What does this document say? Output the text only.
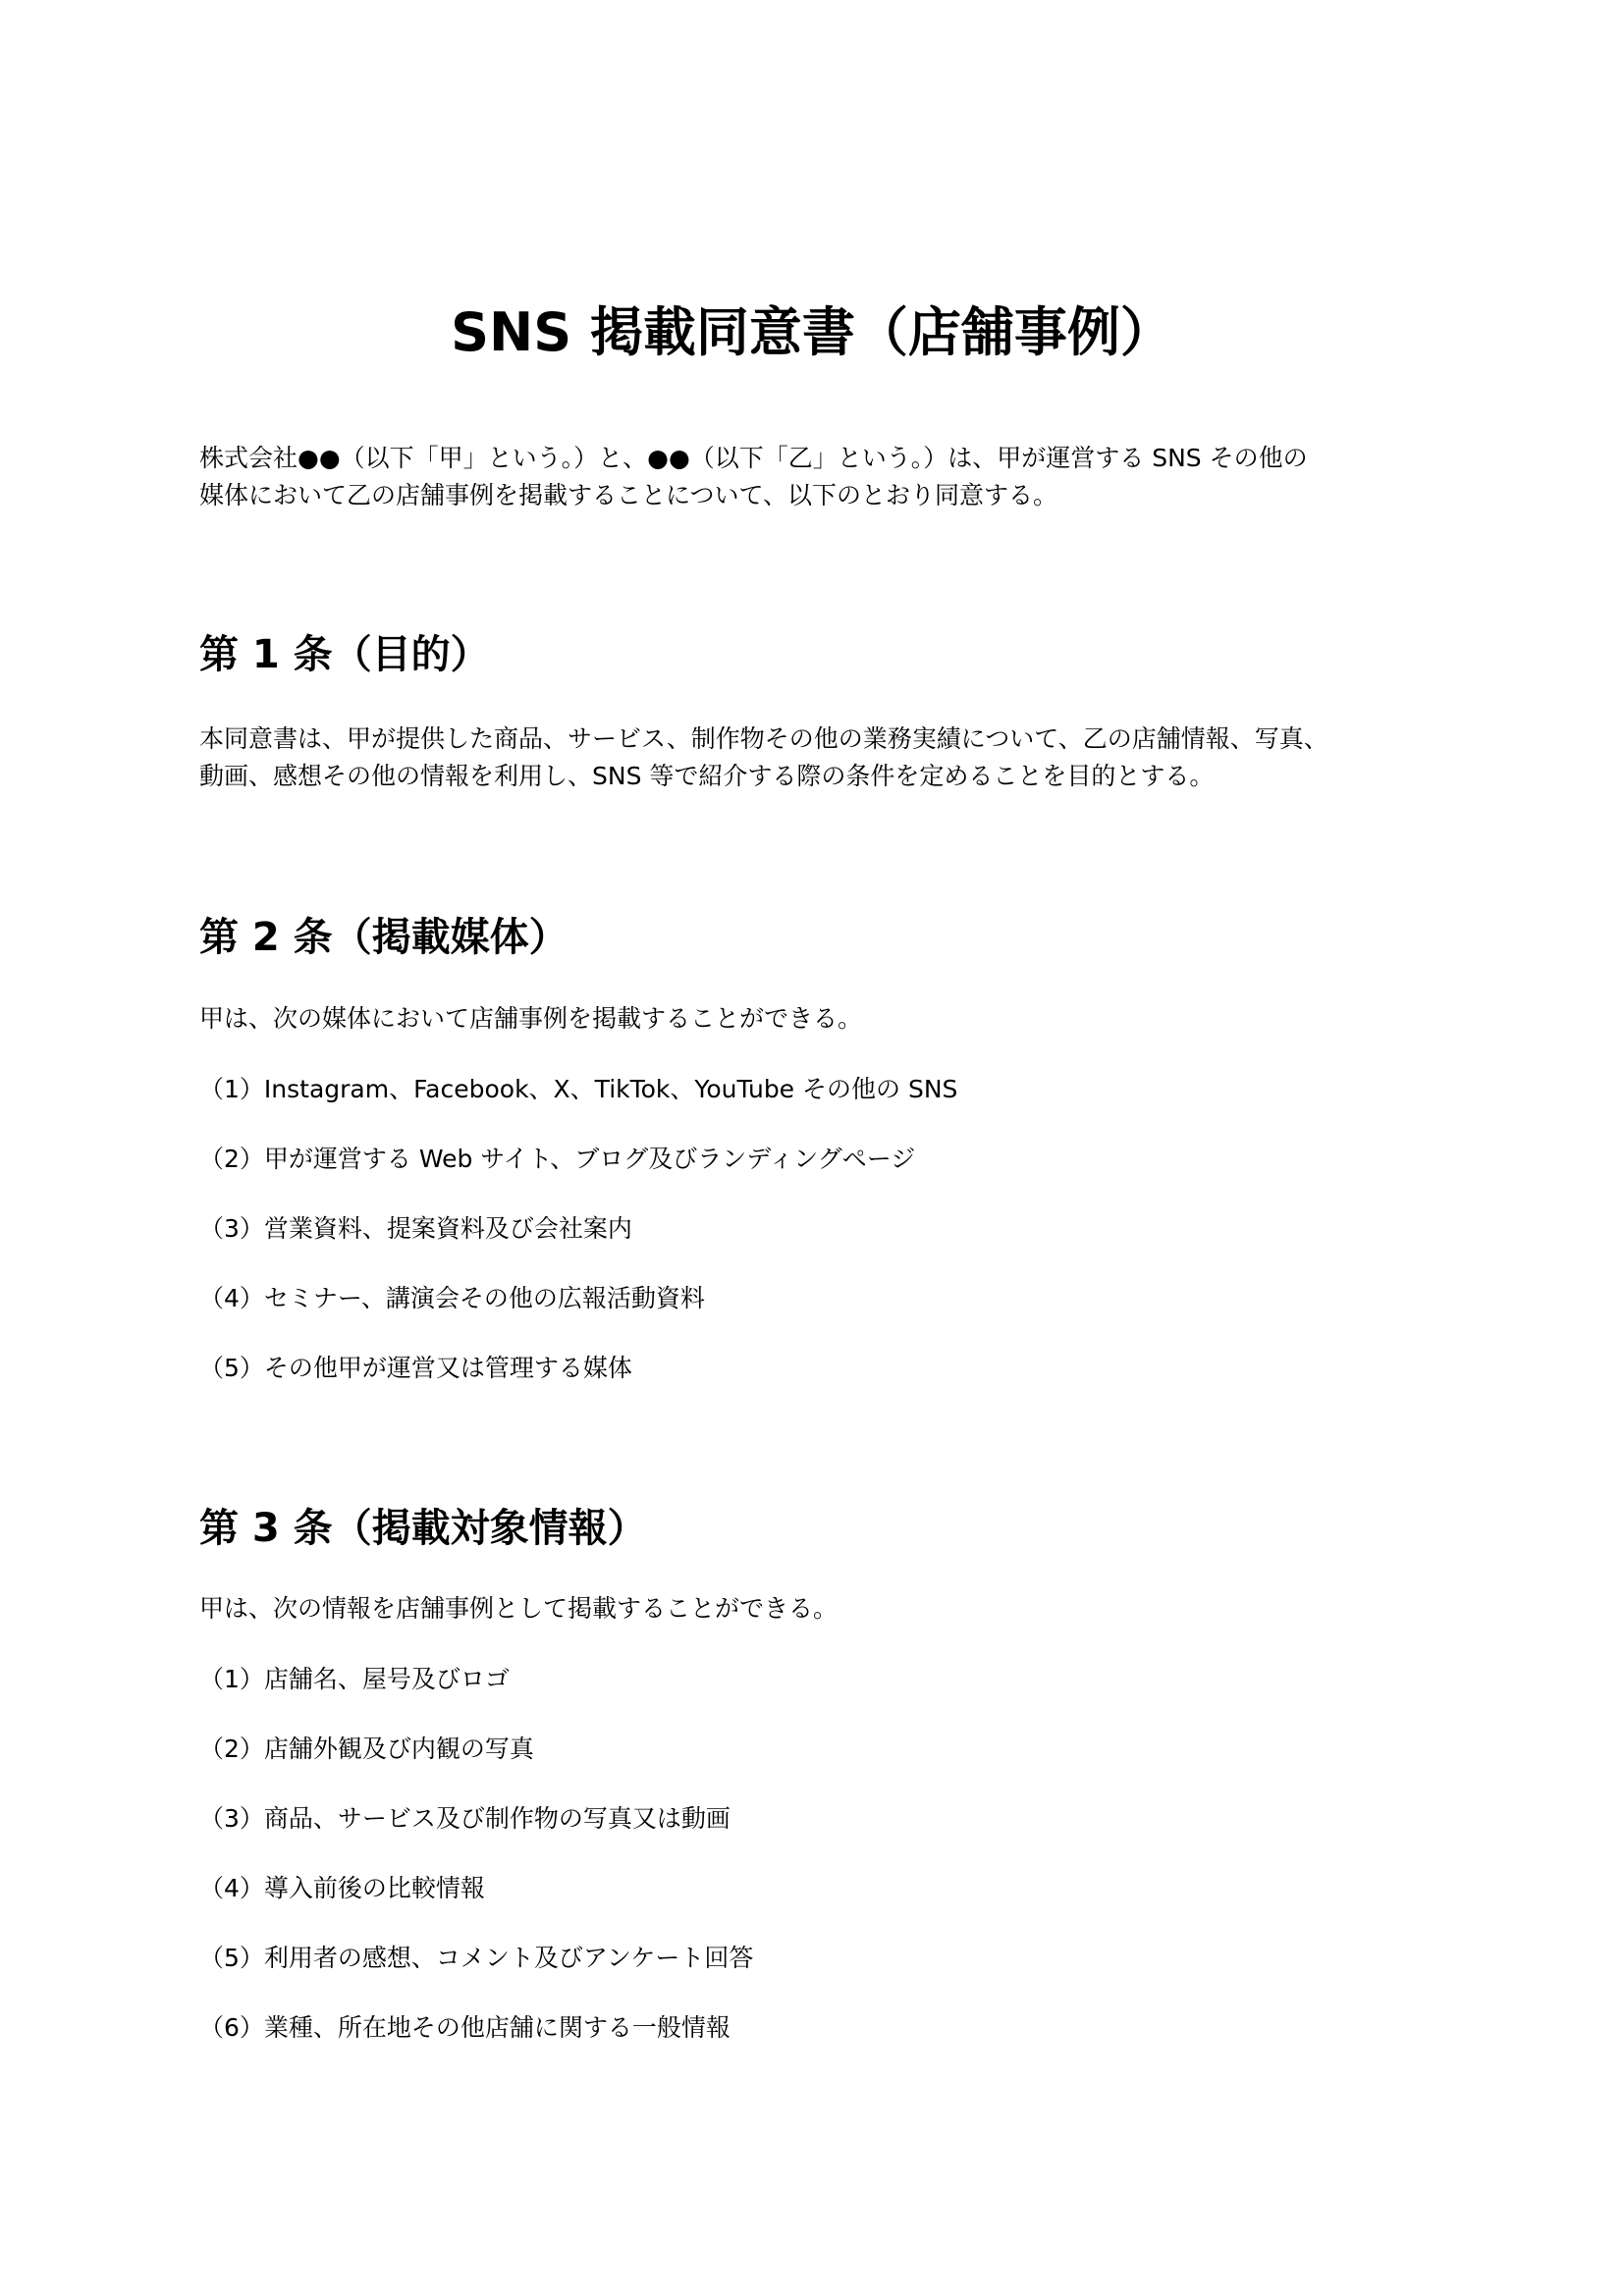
SNS 掲載同意書（店舗事例）

株式会社●●（以下「甲」という。）と、●●（以下「乙」という。）は、甲が運営する SNS その他の

媒体において乙の店舗事例を掲載することについて、以下のとおり同意する。

第 1 条（目的）

本同意書は、甲が提供した商品、サービス、制作物その他の業務実績について、乙の店舗情報、写真、

動画、感想その他の情報を利用し、SNS 等で紹介する際の条件を定めることを目的とする。

第 2 条（掲載媒体）

甲は、次の媒体において店舗事例を掲載することができる。

（1）Instagram、Facebook、X、TikTok、YouTube その他の SNS
（2）甲が運営する Web サイト、ブログ及びランディングページ
（3）営業資料、提案資料及び会社案内
（4）セミナー、講演会その他の広報活動資料
（5）その他甲が運営又は管理する媒体
第 3 条（掲載対象情報）

甲は、次の情報を店舗事例として掲載することができる。

（1）店舗名、屋号及びロゴ
（2）店舗外観及び内観の写真
（3）商品、サービス及び制作物の写真又は動画
（4）導入前後の比較情報
（5）利用者の感想、コメント及びアンケート回答
（6）業種、所在地その他店舗に関する一般情報
